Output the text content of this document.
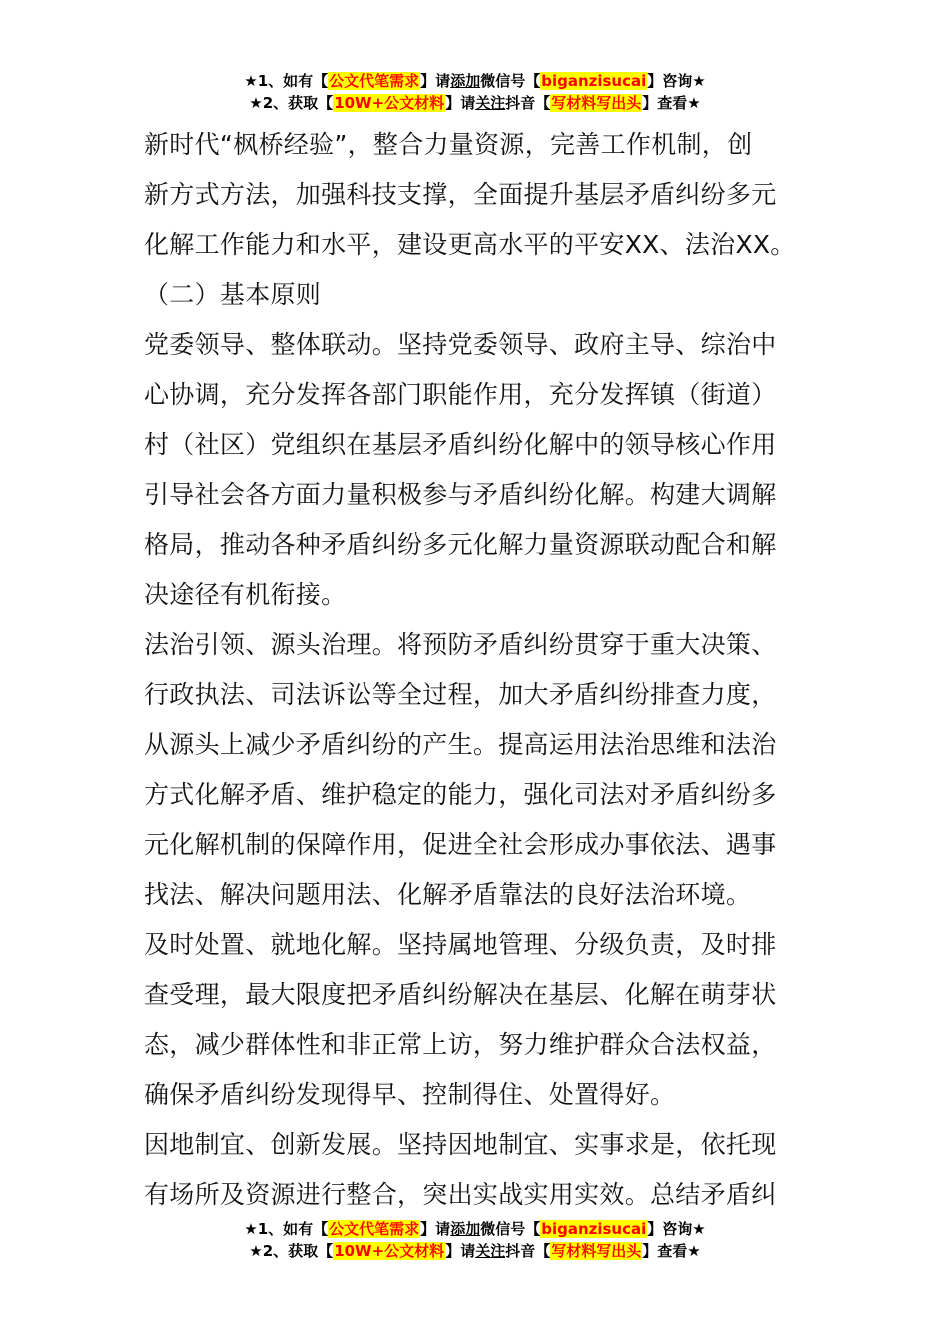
★1、如有【公文代笔需求】请添加微信号【biganzisucai】咨询★
★2、获取【10W+公文材料】请关注抖音【写材料写出头】查看★
新时代“枫桥经验”，整合力量资源，完善工作机制，创
新方式方法，加强科技支撑，全面提升基层矛盾纠纷多元
化解工作能力和水平，建设更高水平的平安XX、法治XX。
（二）基本原则
党委领导、整体联动。坚持党委领导、政府主导、综治中
心协调，充分发挥各部门职能作用，充分发挥镇（街道）
村（社区）党组织在基层矛盾纠纷化解中的领导核心作用
引导社会各方面力量积极参与矛盾纠纷化解。构建大调解
格局，推动各种矛盾纠纷多元化解力量资源联动配合和解
决途径有机衔接。
法治引领、源头治理。将预防矛盾纠纷贯穿于重大决策、
行政执法、司法诉讼等全过程，加大矛盾纠纷排查力度，
从源头上减少矛盾纠纷的产生。提高运用法治思维和法治
方式化解矛盾、维护稳定的能力，强化司法对矛盾纠纷多
元化解机制的保障作用，促进全社会形成办事依法、遇事
找法、解决问题用法、化解矛盾靠法的良好法治环境。
及时处置、就地化解。坚持属地管理、分级负责，及时排
查受理，最大限度把矛盾纠纷解决在基层、化解在萌芽状
态，减少群体性和非正常上访，努力维护群众合法权益，
确保矛盾纠纷发现得早、控制得住、处置得好。
因地制宜、创新发展。坚持因地制宜、实事求是，依托现
有场所及资源进行整合，突出实战实用实效。总结矛盾纠
★1、如有【公文代笔需求】请添加微信号【biganzisucai】咨询★
★2、获取【10W+公文材料】请关注抖音【写材料写出头】查看★
